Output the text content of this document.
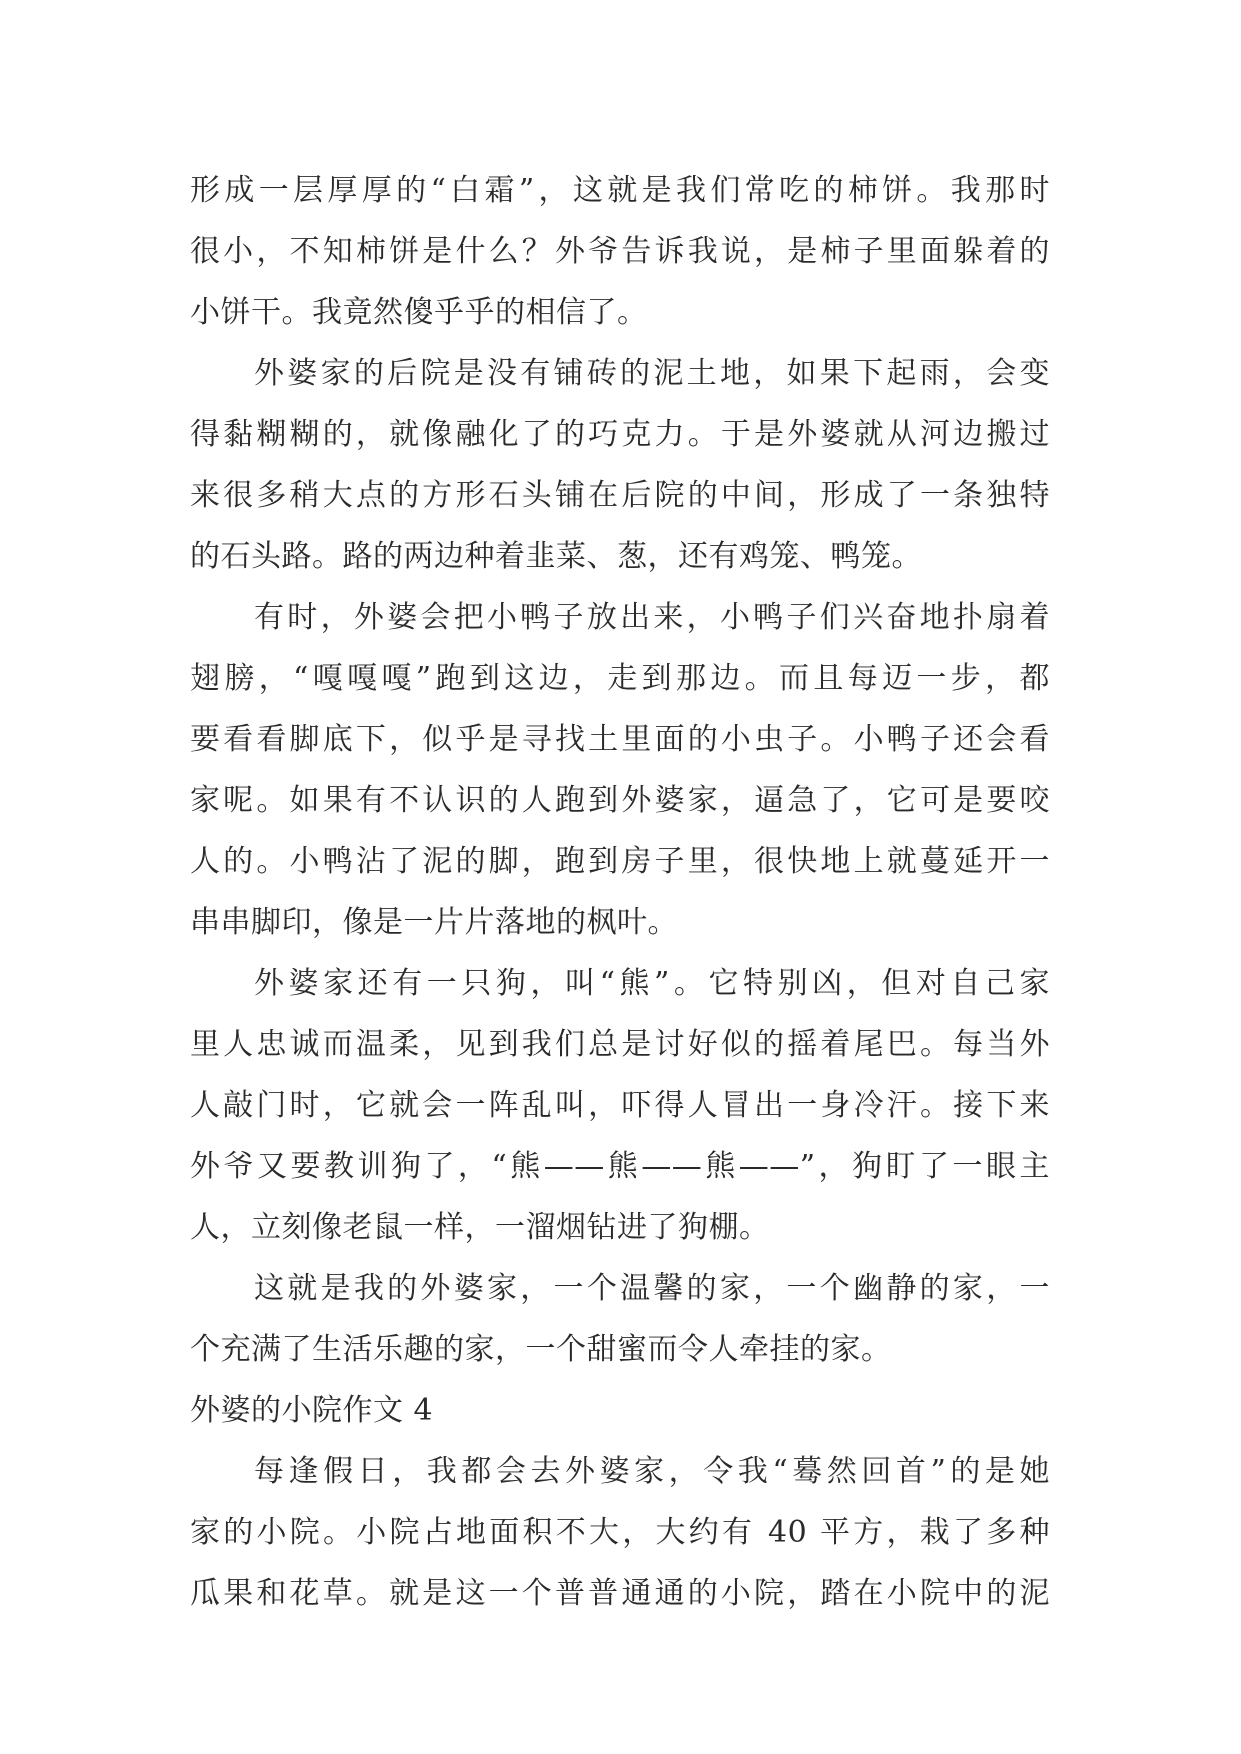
形成一层厚厚的“白霜”，这就是我们常吃的柿饼。我那时
很小，不知柿饼是什么？外爷告诉我说，是柿子里面躲着的
小饼干。我竟然傻乎乎的相信了。
外婆家的后院是没有铺砖的泥土地，如果下起雨，会变
得黏糊糊的，就像融化了的巧克力。于是外婆就从河边搬过
来很多稍大点的方形石头铺在后院的中间，形成了一条独特
的石头路。路的两边种着韭菜、葱，还有鸡笼、鸭笼。
有时，外婆会把小鸭子放出来，小鸭子们兴奋地扑扇着
翅膀，“嘎嘎嘎”跑到这边，走到那边。而且每迈一步，都
要看看脚底下，似乎是寻找土里面的小虫子。小鸭子还会看
家呢。如果有不认识的人跑到外婆家，逼急了，它可是要咬
人的。小鸭沾了泥的脚，跑到房子里，很快地上就蔓延开一
串串脚印，像是一片片落地的枫叶。
外婆家还有一只狗，叫“熊”。它特别凶，但对自己家
里人忠诚而温柔，见到我们总是讨好似的摇着尾巴。每当外
人敲门时，它就会一阵乱叫，吓得人冒出一身冷汗。接下来
外爷又要教训狗了，“熊——熊——熊——”，狗盯了一眼主
人，立刻像老鼠一样，一溜烟钻进了狗棚。
这就是我的外婆家，一个温馨的家，一个幽静的家，一
个充满了生活乐趣的家，一个甜蜜而令人牵挂的家。
外婆的小院作文 4
每逢假日，我都会去外婆家，令我“蓦然回首”的是她
家的小院。小院占地面积不大，大约有 40 平方，栽了多种
瓜果和花草。就是这一个普普通通的小院，踏在小院中的泥
